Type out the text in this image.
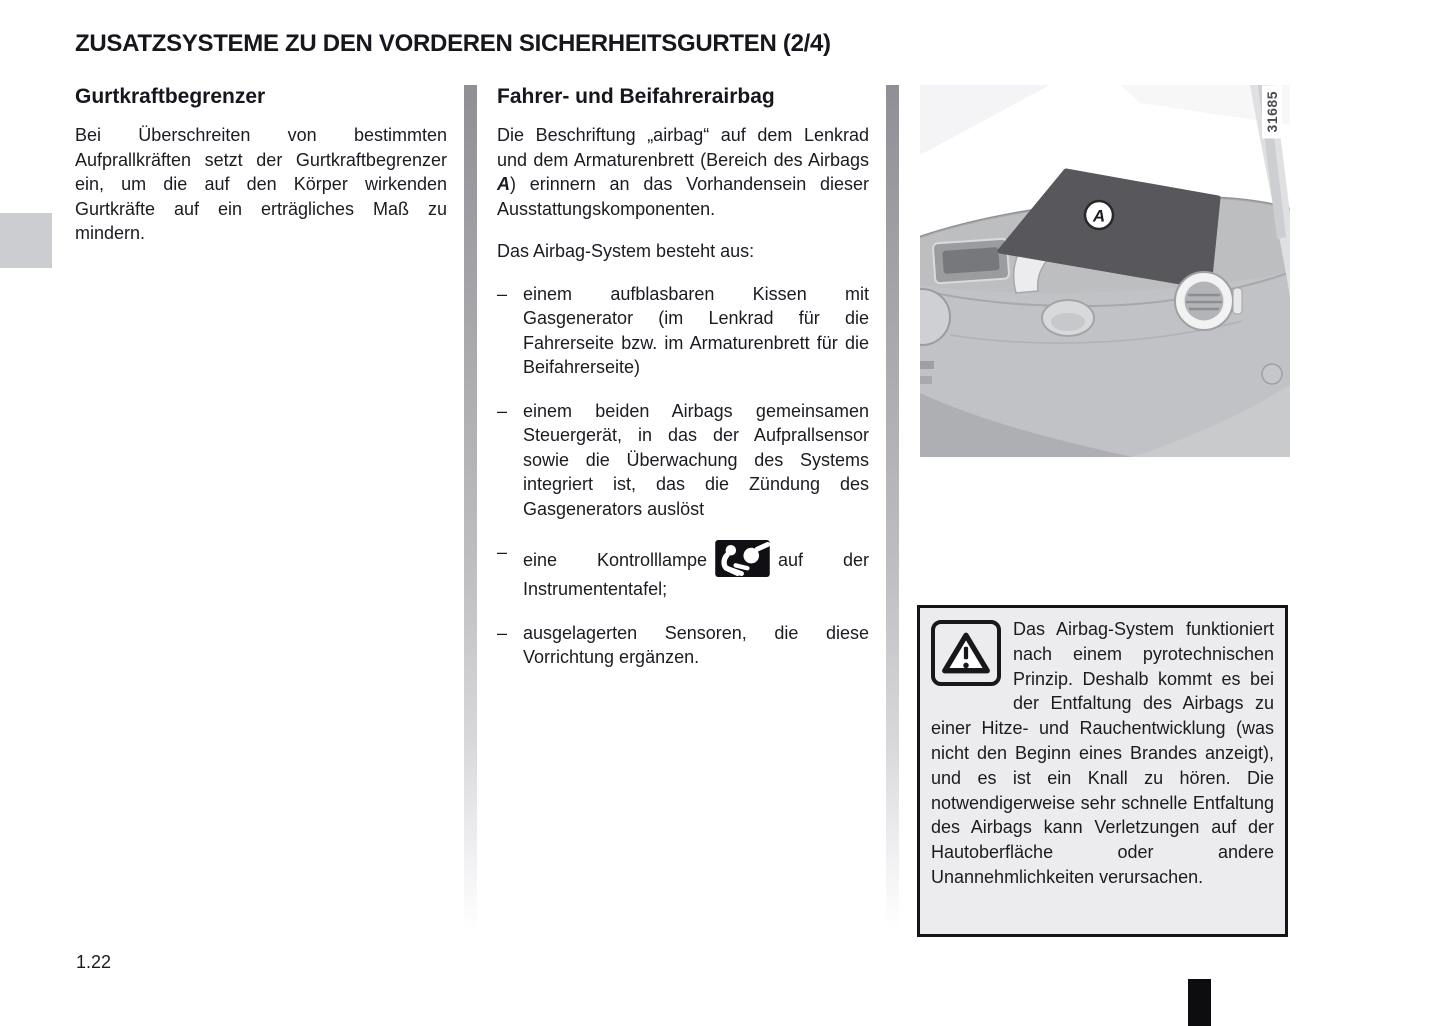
ZUSATZSYSTEME ZU DEN VORDEREN SICHERHEITSGURTEN (2/4)
Gurtkraftbegrenzer

Bei Überschreiten von bestimmten Aufprallkräften setzt der Gurtkraftbegrenzer ein, um die auf den Körper wirkenden Gurtkräfte auf ein erträgliches Maß zu mindern.

Fahrer- und Beifahrerairbag

Die Beschriftung „airbag“ auf dem Lenkrad und dem Armaturenbrett (Bereich des Airbags A) erinnern an das Vorhandensein dieser Ausstattungskomponenten.

Das Airbag-System besteht aus:

– einem aufblasbaren Kissen mit Gasgenerator (im Lenkrad für die Fahrerseite bzw. im Armaturenbrett für die Beifahrerseite)
– einem beiden Airbags gemeinsamen Steuergerät, in das der Aufprallsensor sowie die Überwachung des Systems integriert ist, das die Zündung des Gasgenerators auslöst
– eine Kontrolllampe	auf der Instrumententafel;
– ausgelagerten Sensoren, die diese Vorrichtung ergänzen.
A
31685

Das Airbag-System funktioniert nach einem pyrotechnischen Prinzip. Deshalb kommt es bei der Entfaltung des Airbags zu einer Hitze- und Rauchentwicklung (was nicht den Beginn eines Brandes anzeigt), und es ist ein Knall zu hören. Die notwendigerweise sehr schnelle Entfaltung des Airbags kann Verletzungen auf der Hautoberfläche oder andere Unannehmlichkeiten verursachen.

1.22
